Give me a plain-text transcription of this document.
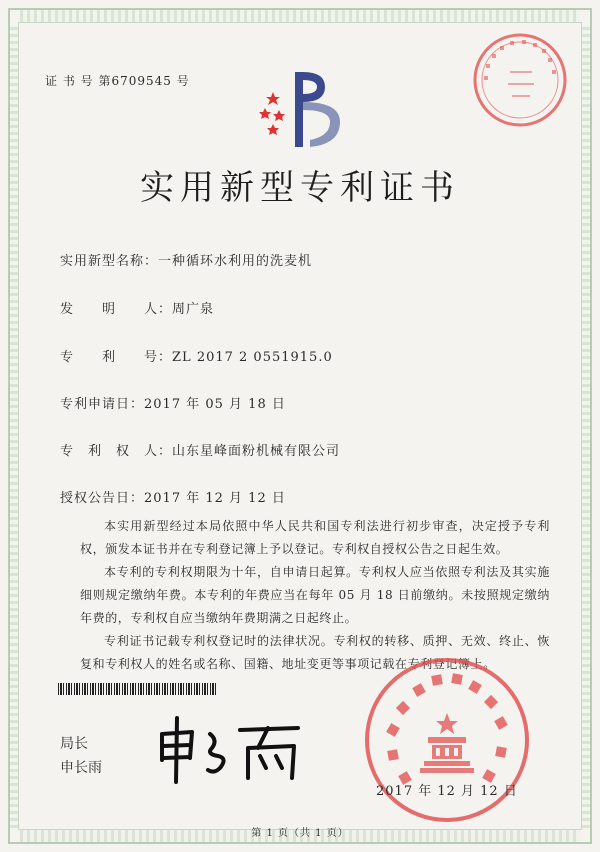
证 书 号 第6709545 号
实用新型专利证书
实用新型名称：一种循环水利用的洗麦机
发　　明　　人：周广泉
专　　利　　号：ZL 2017 2 0551915.0
专利申请日：2017 年 05 月 18 日
专　利　权　人：山东星峰面粉机械有限公司
授权公告日：2017 年 12 月 12 日

本实用新型经过本局依照中华人民共和国专利法进行初步审查，决定授予专利权，颁发本证书并在专利登记簿上予以登记。专利权自授权公告之日起生效。

本专利的专利权期限为十年，自申请日起算。专利权人应当依照专利法及其实施细则规定缴纳年费。本专利的年费应当在每年 05 月 18 日前缴纳。未按照规定缴纳年费的，专利权自应当缴纳年费期满之日起终止。

专利证书记载专利权登记时的法律状况。专利权的转移、质押、无效、终止、恢复和专利权人的姓名或名称、国籍、地址变更等事项记载在专利登记簿上。

局长
申长雨
2017 年 12 月 12 日
第 1 页（共 1 页）
